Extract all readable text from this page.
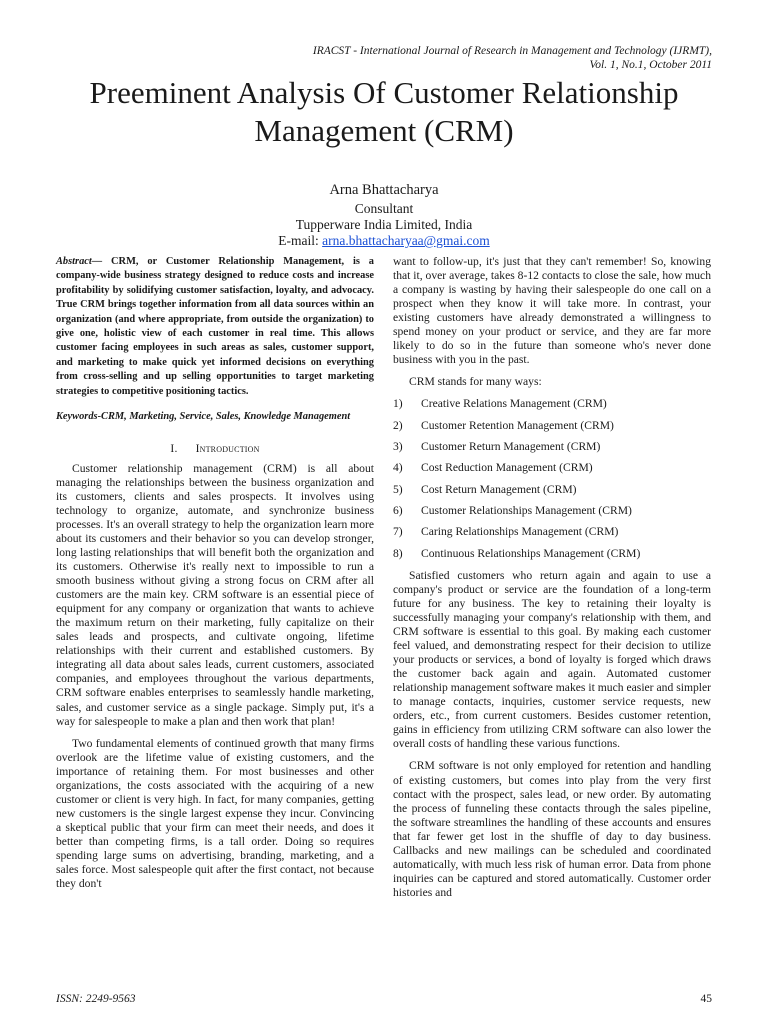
IRACST - International Journal of Research in Management and Technology (IJRMT),
Vol. 1, No.1, October 2011
Preeminent Analysis Of Customer Relationship Management (CRM)
Arna Bhattacharya
Consultant
Tupperware India Limited, India
E-mail: arna.bhattacharyaa@gmai.com

Abstract— CRM, or Customer Relationship Management, is a company-wide business strategy designed to reduce costs and increase profitability by solidifying customer satisfaction, loyalty, and advocacy. True CRM brings together information from all data sources within an organization (and where appropriate, from outside the organization) to give one, holistic view of each customer in real time. This allows customer facing employees in such areas as sales, customer support, and marketing to make quick yet informed decisions on everything from cross-selling and up selling opportunities to target marketing strategies to competitive positioning tactics.

Keywords-CRM, Marketing, Service, Sales, Knowledge Management

I. Introduction

Customer relationship management (CRM) is all about managing the relationships between the business organization and its customers, clients and sales prospects. It involves using technology to organize, automate, and synchronize business processes. It's an overall strategy to help the organization learn more about its customers and their behavior so you can develop stronger, long lasting relationships that will benefit both the organization and its customers. Otherwise it's really next to impossible to run a smooth business without giving a strong focus on CRM after all customers are the main key. CRM software is an essential piece of equipment for any company or organization that wants to achieve the maximum return on their marketing, fully capitalize on their sales leads and prospects, and cultivate ongoing, lifetime relationships with their current and established customers. By integrating all data about sales leads, current customers, associated companies, and employees throughout the various departments, CRM software enables enterprises to seamlessly handle marketing, sales, and customer service as a single package. Simply put, it's a way for salespeople to make a plan and then work that plan!

Two fundamental elements of continued growth that many firms overlook are the lifetime value of existing customers, and the importance of retaining them. For most businesses and other organizations, the costs associated with the acquiring of a new customer or client is very high. In fact, for many companies, getting new customers is the single largest expense they incur. Convincing a skeptical public that your firm can meet their needs, and does it better than competing firms, is a tall order. Doing so requires spending large sums on advertising, branding, marketing, and a sales force. Most salespeople quit after the first contact, not because they don't

want to follow-up, it's just that they can't remember! So, knowing that it, over average, takes 8-12 contacts to close the sale, how much a company is wasting by having their salespeople do one call on a prospect when they know it will take more. In contrast, your existing customers have already demonstrated a willingness to spend money on your product or service, and they are far more likely to do so in the future than someone who's never done business with you in the past.

CRM stands for many ways:

1)	Creative Relations Management (CRM)
2)	Customer Retention Management (CRM)
3)	Customer Return Management (CRM)
4)	Cost Reduction Management (CRM)
5)	Cost Return Management (CRM)
6)	Customer Relationships Management (CRM)
7)	Caring Relationships Management (CRM)
8)	Continuous Relationships Management (CRM)

Satisfied customers who return again and again to use a company's product or service are the foundation of a long-term future for any business. The key to retaining their loyalty is successfully managing your company's relationship with them, and CRM software is essential to this goal. By making each customer feel valued, and demonstrating respect for their decision to utilize your products or services, a bond of loyalty is forged which draws the customer back again and again. Automated customer relationship management software makes it much easier and simpler to manage contacts, inquiries, customer service requests, new orders, etc., from current customers. Besides customer retention, gains in efficiency from utilizing CRM software can also lower the overall costs of handling these various functions.

CRM software is not only employed for retention and handling of existing customers, but comes into play from the very first contact with the prospect, sales lead, or new order. By automating the process of funneling these contacts through the sales pipeline, the software streamlines the handling of these accounts and ensures that far fewer get lost in the shuffle of day to day business. Callbacks and new mailings can be scheduled and coordinated automatically, with much less risk of human error. Data from phone inquiries can be captured and stored automatically. Customer order histories and

ISSN: 2249-9563	45
